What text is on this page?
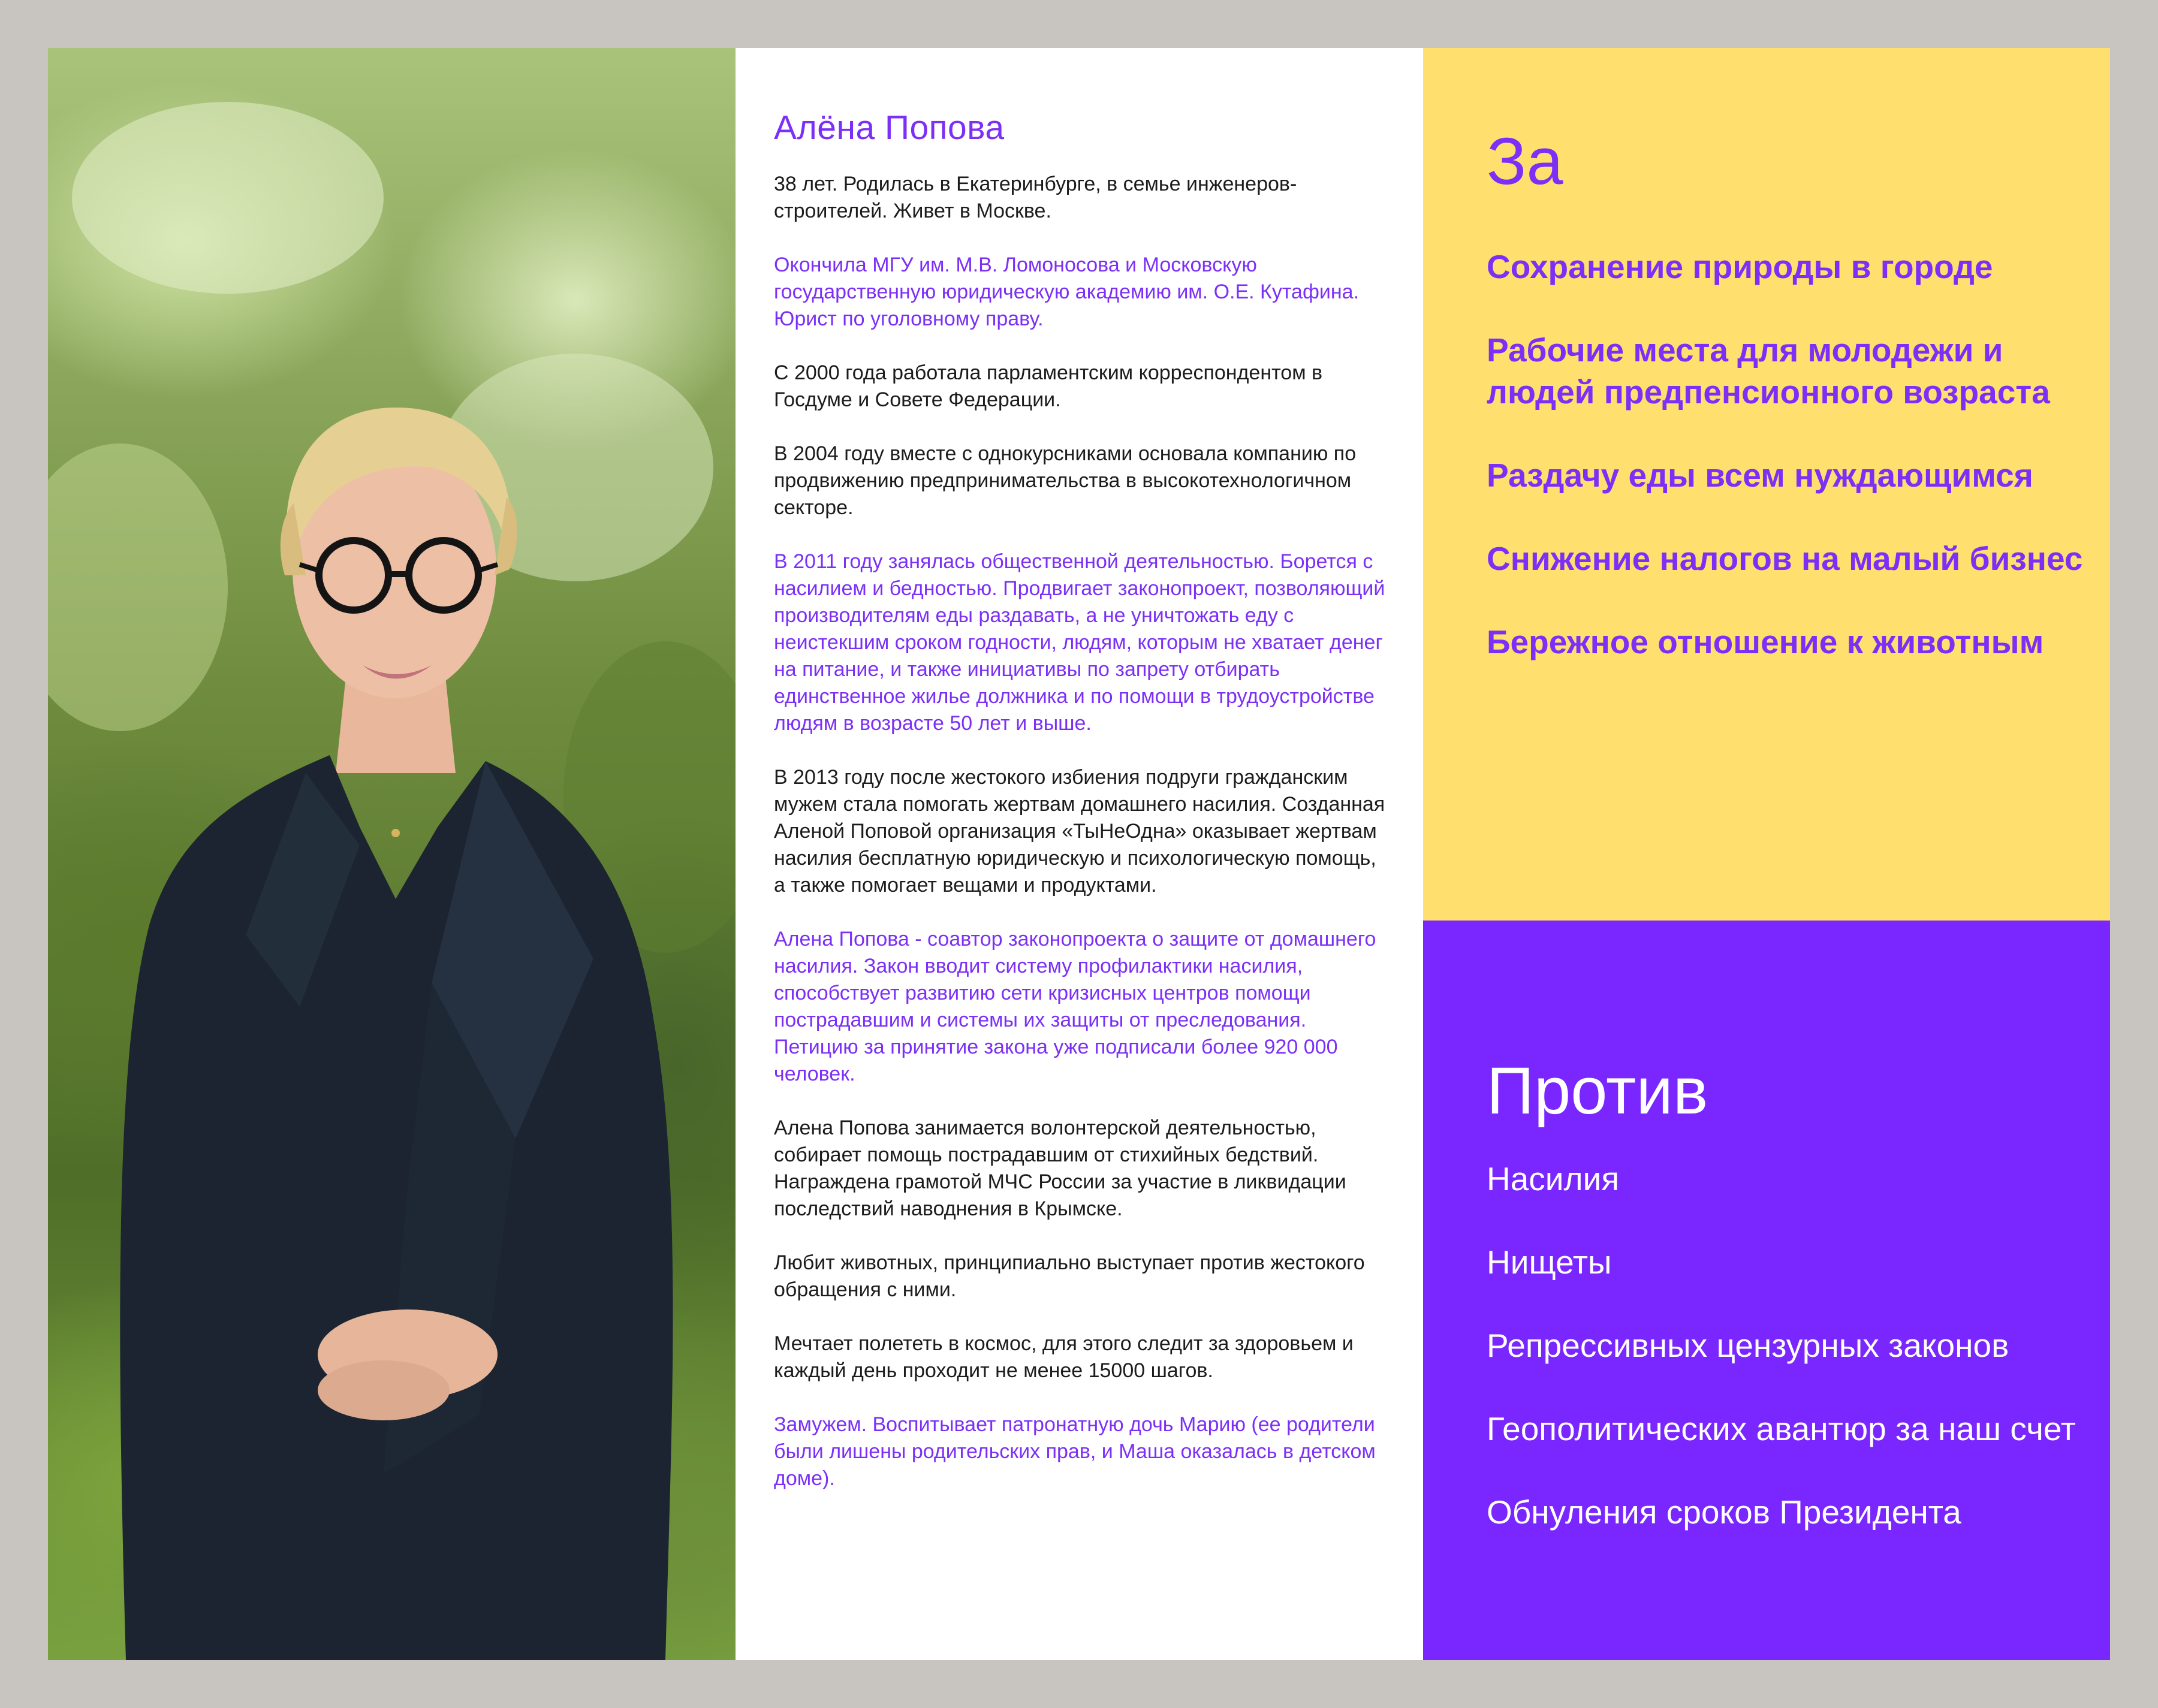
Алёна Попова

38 лет. Родилась в Екатеринбурге, в семье инженеров-строителей. Живет в Москве.

Окончила МГУ им. М.В. Ломоносова и Московскую государственную юридическую академию им. О.Е. Кутафина. Юрист по уголовному праву.

С 2000 года работала парламентским корреспондентом в Госдуме и Совете Федерации.

В 2004 году вместе с однокурсниками основала компанию по продвижению предпринимательства в высокотехнологичном секторе.

В 2011 году занялась общественной деятельностью. Борется с насилием и бедностью. Продвигает законопроект, позволяющий производителям еды раздавать, а не уничтожать еду с неистекшим сроком годности, людям, которым не хватает денег на питание, и также инициативы по запрету отбирать единственное жилье должника и по помощи в трудоустройстве людям в возрасте 50 лет и выше.

В 2013 году после жестокого избиения подруги гражданским мужем стала помогать жертвам домашнего насилия. Созданная Аленой Поповой организация «ТыНеОдна» оказывает жертвам насилия бесплатную юридическую и психологическую помощь, а также помогает вещами и продуктами.

Алена Попова - соавтор законопроекта о защите от домашнего насилия. Закон вводит систему профилактики насилия, способствует развитию сети кризисных центров помощи пострадавшим и системы их защиты от преследования. Петицию за принятие закона уже подписали более 920 000 человек.

Алена Попова занимается волонтерской деятельностью, собирает помощь пострадавшим от стихийных бедствий. Награждена грамотой МЧС России за участие в ликвидации последствий наводнения в Крымске.

Любит животных, принципиально выступает против жестокого обращения с ними.

Мечтает полететь в космос, для этого следит за здоровьем и каждый день проходит не менее 15000 шагов.

Замужем. Воспитывает патронатную дочь Марию (ее родители были лишены родительских прав, и Маша оказалась в детском доме).

За
Сохранение природы в городе
Рабочие места для молодежи и людей предпенсионного возраста
Раздачу еды всем нуждающимся
Снижение налогов на малый бизнес
Бережное отношение к животным
Против
Насилия
Нищеты
Репрессивных цензурных законов
Геополитических авантюр за наш счет
Обнуления сроков Президента
